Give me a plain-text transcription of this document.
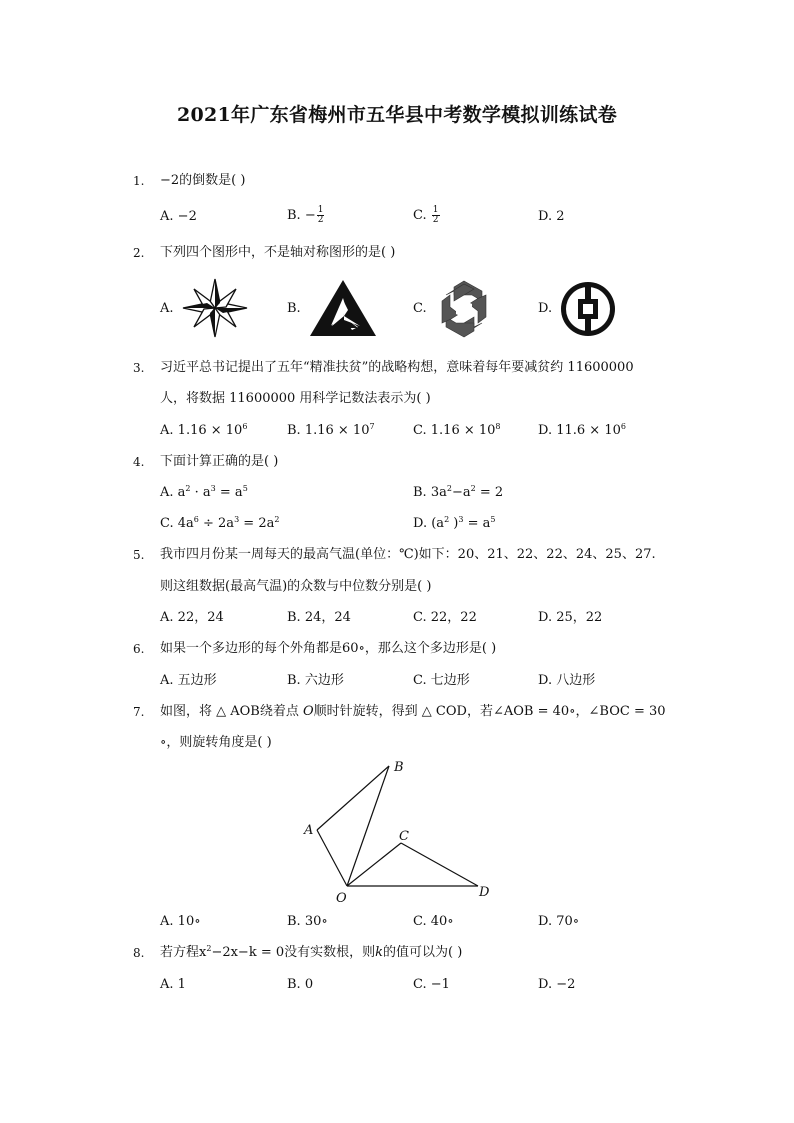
2021年广东省梅州市五华县中考数学模拟训练试卷
1. −2的倒数是( )
A. −2	B. − $\frac{1}{2}$	C. $\frac{1}{2}$	D. 2
2. 下列四个图形中，不是轴对称图形的是( )
A.	B.	C.	D.
3. 习近平总书记提出了五年“精准扶贫”的战略构想，意味着每年要减贫约 11600000
人，将数据 11600000 用科学记数法表示为( )
A. $1.16 \times 10^6$	B. $1.16 \times 10^7$	C. $1.16 \times 10^8$	D. $11.6 \times 10^6$
4. 下面计算正确的是( )
A. $a^2 \cdot a^3 = a^5$	B. $3a^2-a^2 = 2$
C. $4a^6 \div 2a^3 = 2a^2$	D. ($a^2$ )$^3 = a^5$
5. 我市四月份某一周每天的最高气温(单位：℃)如下：20、21、22、22、24、25、27.
则这组数据(最高气温)的众数与中位数分别是( )
A. 22，24	B. 24，24	C. 22，22	D. 25，22
6. 如果一个多边形的每个外角都是60∘，那么这个多边形是( )
A. 五边形	B. 六边形	C. 七边形	D. 八边形
7. 如图，将 △ AOB绕着点 O顺时针旋转，得到 △ COD，若∠AOB = 40∘，∠BOC = 30
∘，则旋转角度是( )
B
A	C
D
O
A. 10∘	B. 30∘	C. 40∘	D. 70∘
8. 若方程$x^2-2x-k = 0$没有实数根，则k的值可以为( )
A. 1	B. 0	C. −1	D. −2
